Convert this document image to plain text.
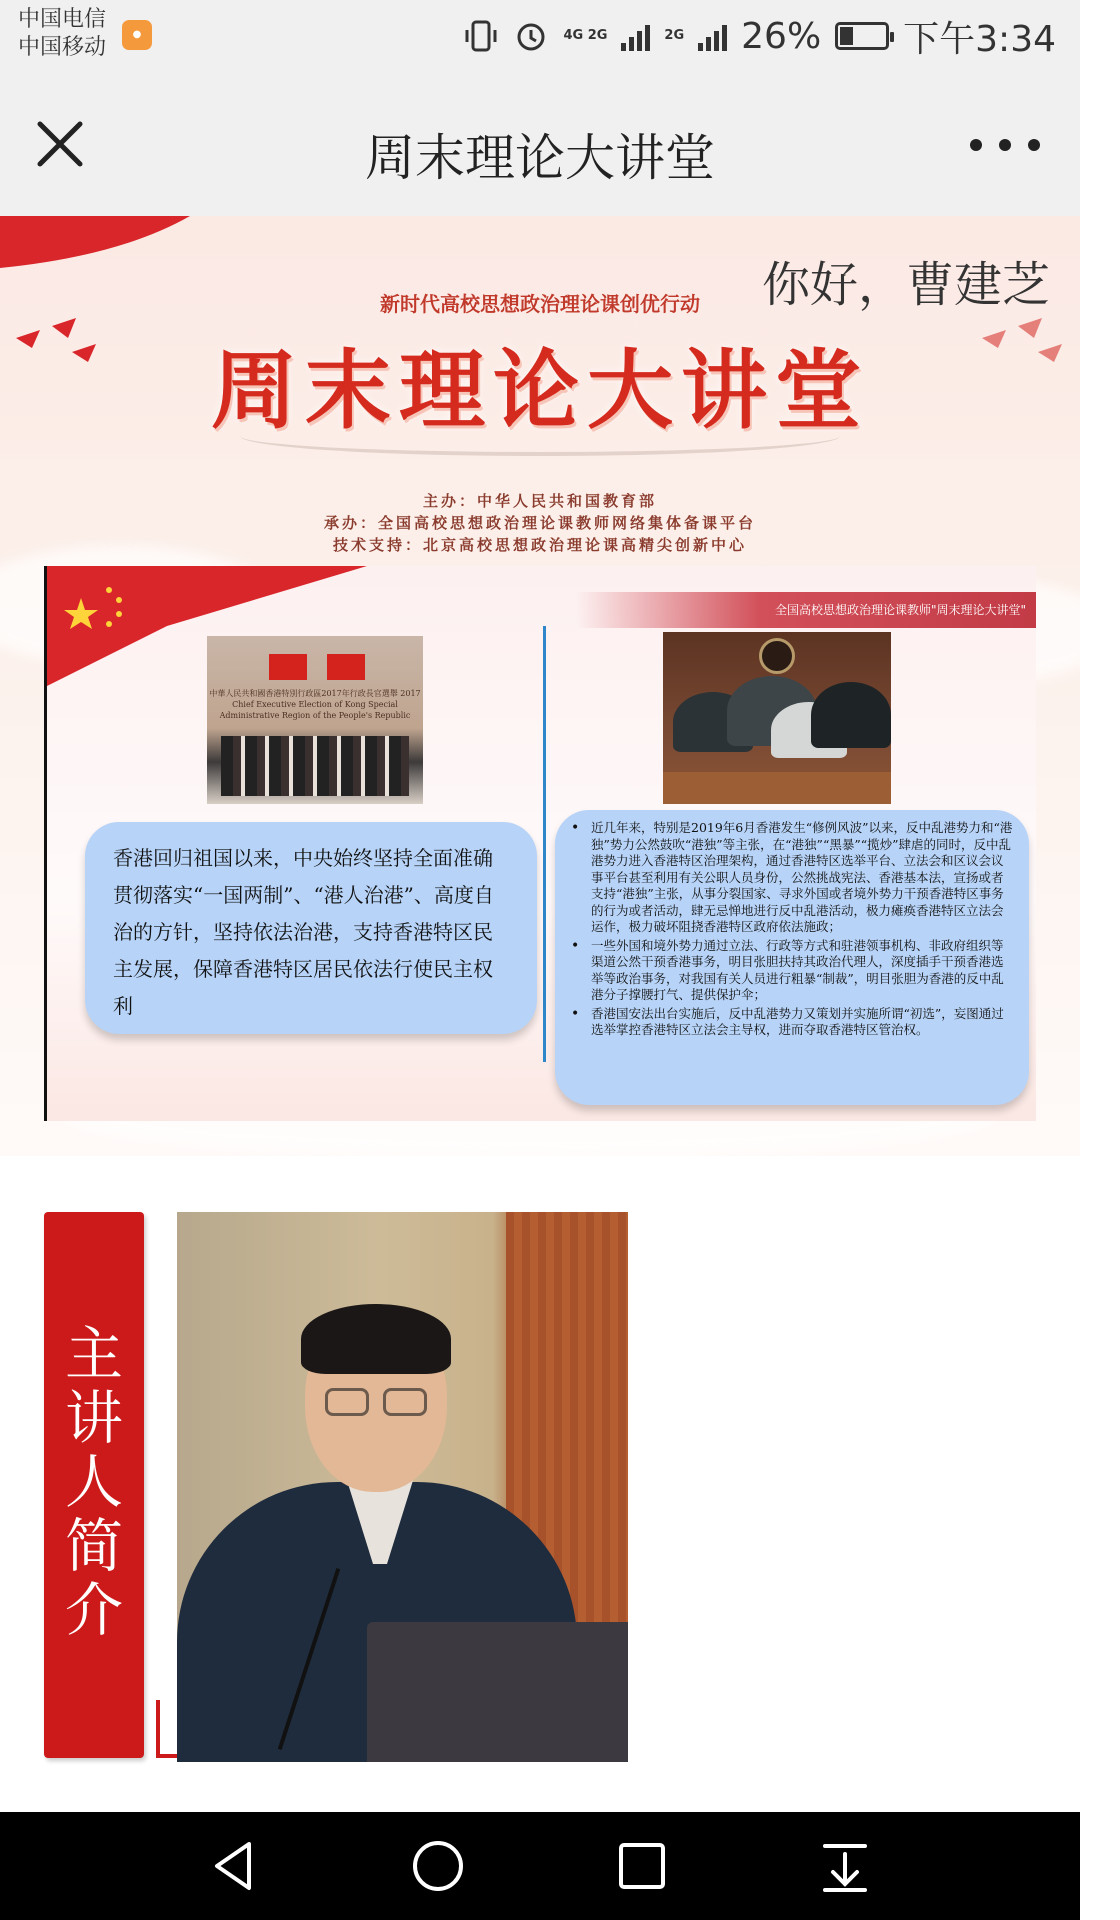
中国电信
中国移动
●	4G 2G	2G 26% 下午3:34
周末理论大讲堂
你好，曹建芝
新时代高校思想政治理论课创优行动
周末理论大讲堂
主办：中华人民共和国教育部
承办：全国高校思想政治理论课教师网络集体备课平台
技术支持：北京高校思想政治理论课高精尖创新中心
全国高校思想政治理论课教师"周末理论大讲堂"
中華人民共和國香港特別行政區2017年行政長官選舉 2017 Chief Executive Election of Kong Special Administrative Region of the People's Republic
香港回归祖国以来，中央始终坚持全面准确贯彻落实“一国两制”、“港人治港”、高度自治的方针，坚持依法治港，支持香港特区民主发展，保障香港特区居民依法行使民主权利
• 近几年来，特别是2019年6月香港发生“修例风波”以来，反中乱港势力和“港独”势力公然鼓吹“港独”等主张，在“港独”“黑暴”“揽炒”肆虐的同时，反中乱港势力进入香港特区治理架构，通过香港特区选举平台、立法会和区议会议事平台甚至利用有关公职人员身份，公然挑战宪法、香港基本法，宣扬或者支持“港独”主张，从事分裂国家、寻求外国或者境外势力干预香港特区事务的行为或者活动，肆无忌惮地进行反中乱港活动，极力瘫痪香港特区立法会运作，极力破坏阻挠香港特区政府依法施政；
• 一些外国和境外势力通过立法、行政等方式和驻港领事机构、非政府组织等渠道公然干预香港事务，明目张胆扶持其政治代理人，深度插手干预香港选举等政治事务，对我国有关人员进行粗暴“制裁”，明目张胆为香港的反中乱港分子撑腰打气、提供保护伞；
• 香港国安法出台实施后，反中乱港势力又策划并实施所谓“初选”，妄图通过选举掌控香港特区立法会主导权，进而夺取香港特区管治权。
主
讲
人
简
介
